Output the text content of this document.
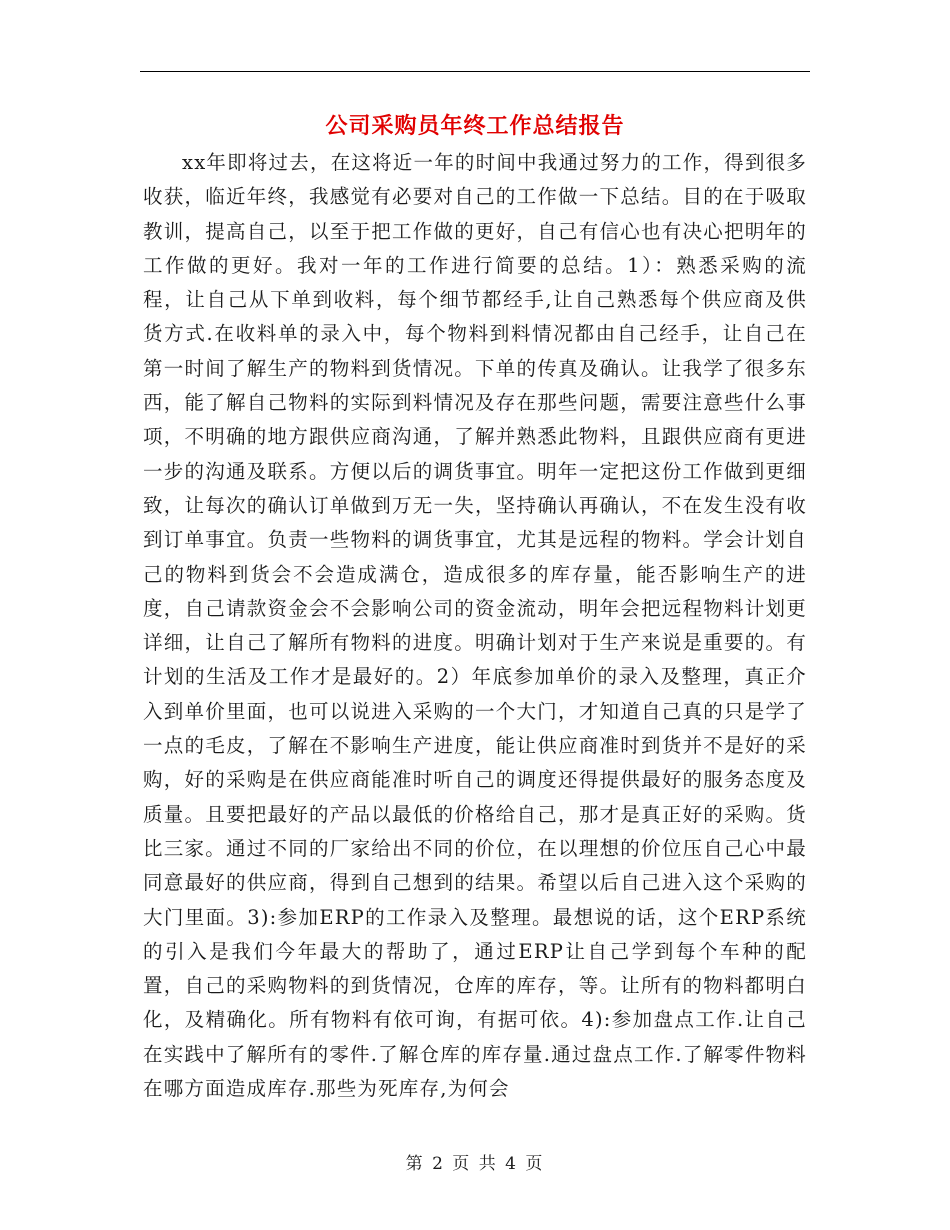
公司采购员年终工作总结报告

xx年即将过去，在这将近一年的时间中我通过努力的工作，得到很多收获，临近年终，我感觉有必要对自己的工作做一下总结。目的在于吸取教训，提高自己，以至于把工作做的更好，自己有信心也有决心把明年的工作做的更好。我对一年的工作进行简要的总结。1）：熟悉采购的流程，让自己从下单到收料，每个细节都经手,让自己熟悉每个供应商及供货方式.在收料单的录入中，每个物料到料情况都由自己经手，让自己在第一时间了解生产的物料到货情况。下单的传真及确认。让我学了很多东西，能了解自己物料的实际到料情况及存在那些问题，需要注意些什么事项，不明确的地方跟供应商沟通，了解并熟悉此物料，且跟供应商有更进一步的沟通及联系。方便以后的调货事宜。明年一定把这份工作做到更细致，让每次的确认订单做到万无一失，坚持确认再确认，不在发生没有收到订单事宜。负责一些物料的调货事宜，尤其是远程的物料。学会计划自己的物料到货会不会造成满仓，造成很多的库存量，能否影响生产的进度，自己请款资金会不会影响公司的资金流动，明年会把远程物料计划更详细，让自己了解所有物料的进度。明确计划对于生产来说是重要的。有计划的生活及工作才是最好的。2）年底参加单价的录入及整理，真正介入到单价里面，也可以说进入采购的一个大门，才知道自己真的只是学了一点的毛皮，了解在不影响生产进度，能让供应商准时到货并不是好的采购，好的采购是在供应商能准时听自己的调度还得提供最好的服务态度及质量。且要把最好的产品以最低的价格给自己，那才是真正好的采购。货比三家。通过不同的厂家给出不同的价位，在以理想的价位压自己心中最同意最好的供应商，得到自己想到的结果。希望以后自己进入这个采购的大门里面。3):参加ERP的工作录入及整理。最想说的话，这个ERP系统的引入是我们今年最大的帮助了，通过ERP让自己学到每个车种的配置，自己的采购物料的到货情况，仓库的库存，等。让所有的物料都明白化，及精确化。所有物料有依可询，有据可依。4):参加盘点工作.让自己在实践中了解所有的零件.了解仓库的库存量.通过盘点工作.了解零件物料在哪方面造成库存.那些为死库存,为何会

第 2 页 共 4 页
